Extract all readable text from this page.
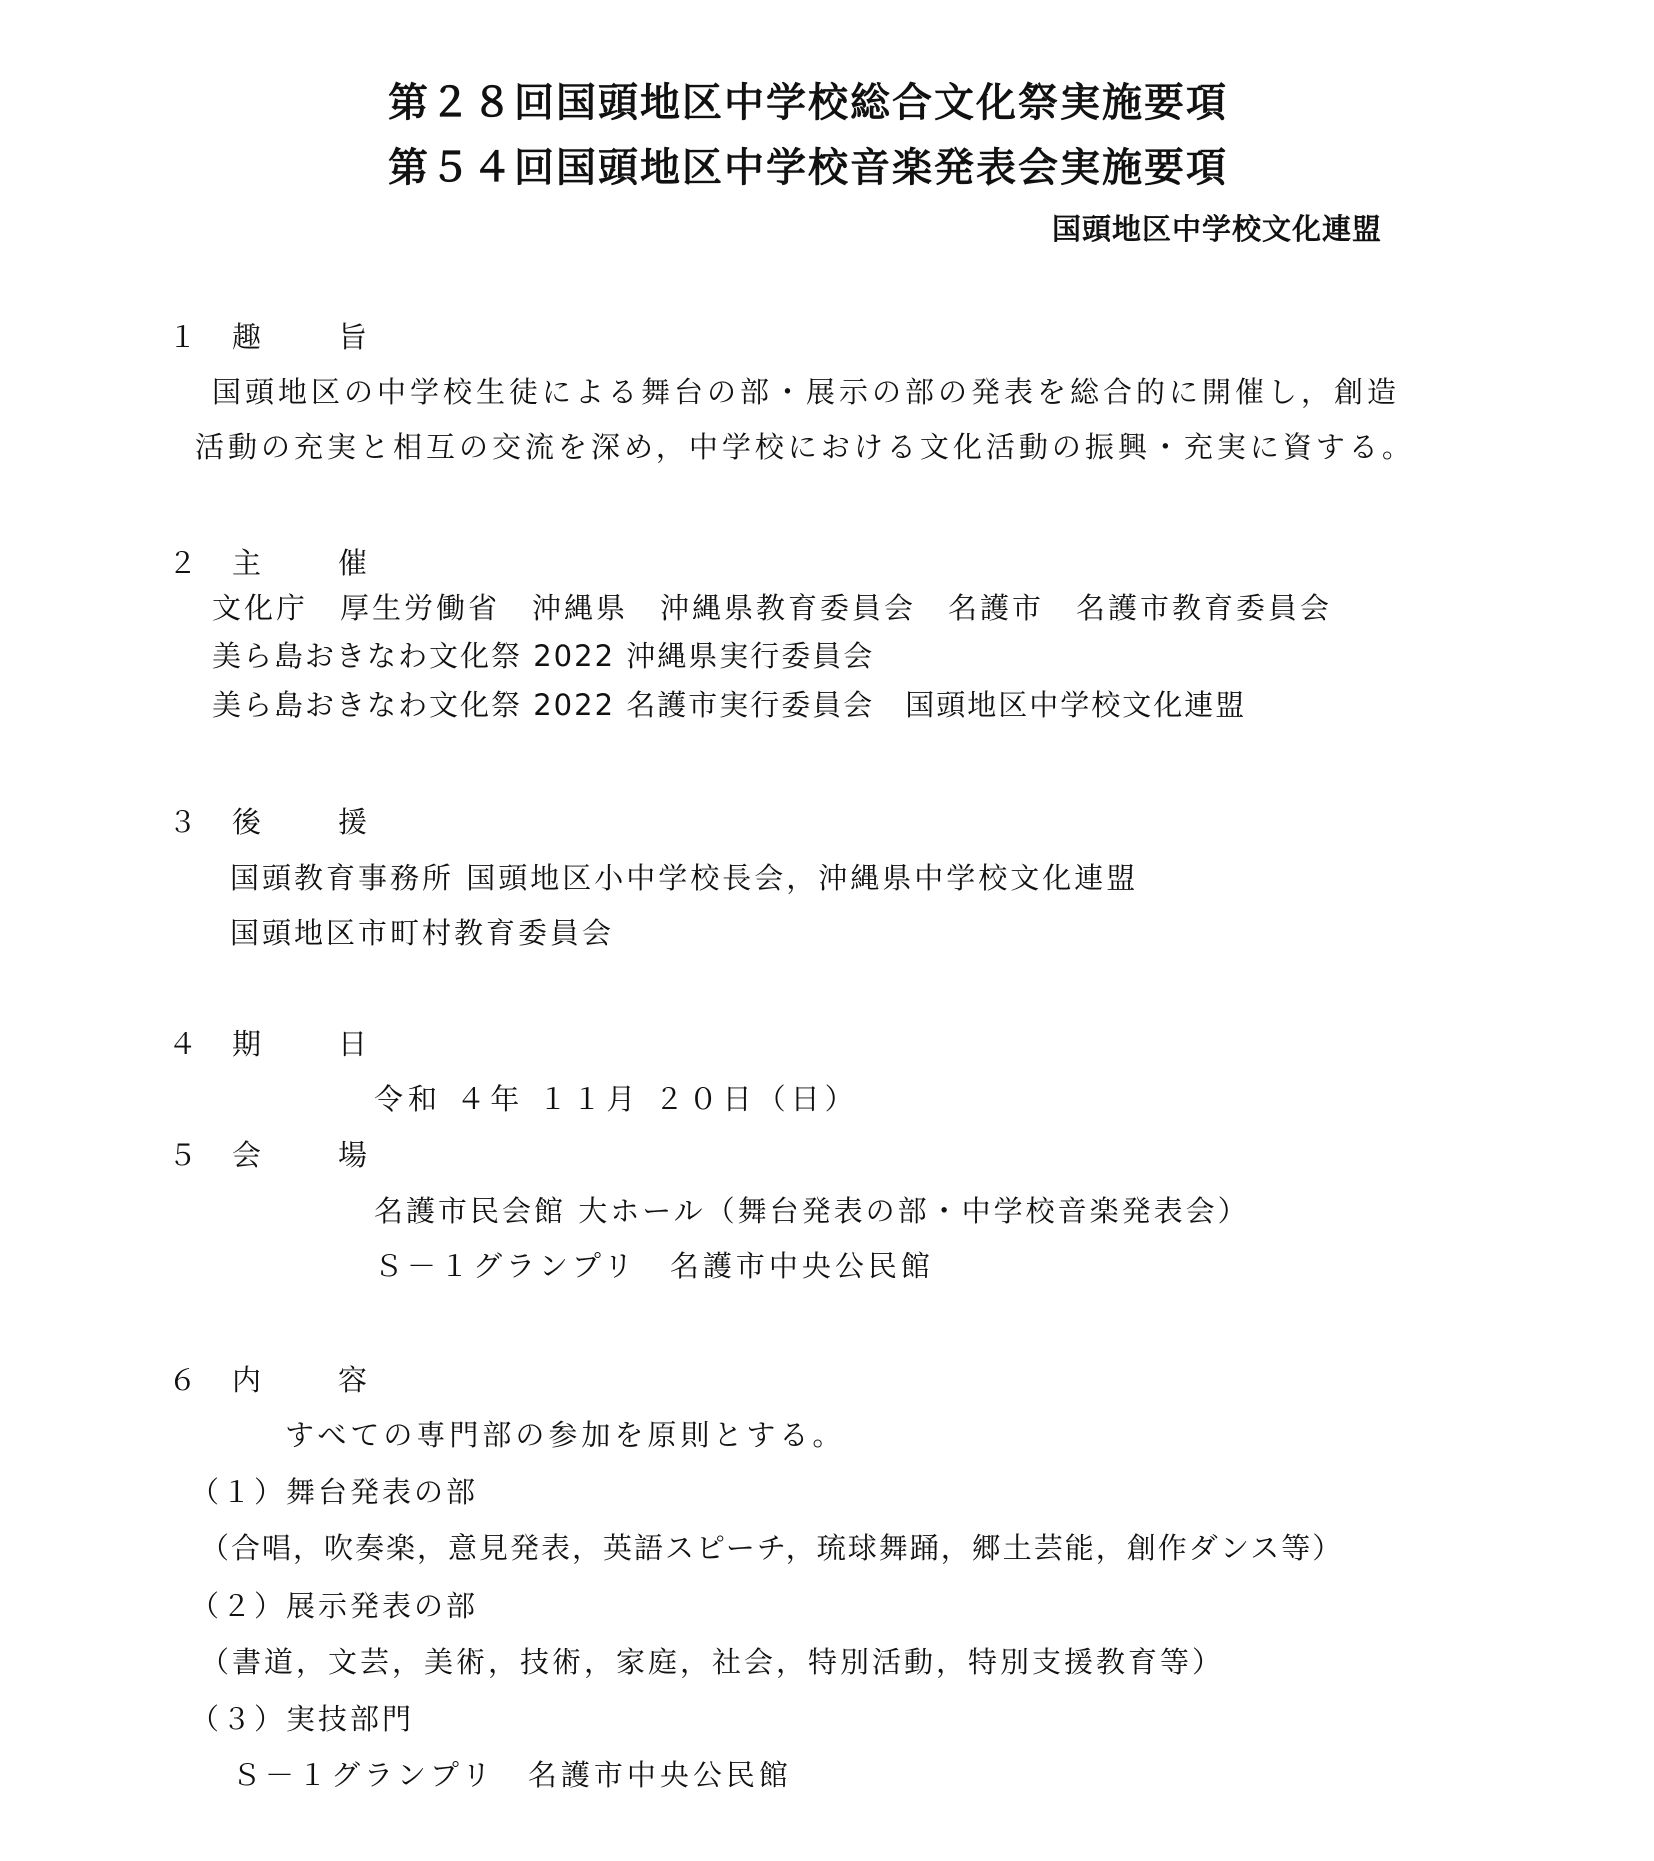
第２８回国頭地区中学校総合文化祭実施要項
第５４回国頭地区中学校音楽発表会実施要項
国頭地区中学校文化連盟
１ 趣　旨
国頭地区の中学校生徒による舞台の部・展示の部の発表を総合的に開催し，創造
活動の充実と相互の交流を深め，中学校における文化活動の振興・充実に資する。
２ 主　催
文化庁　厚生労働省　沖縄県　沖縄県教育委員会　名護市　名護市教育委員会
美ら島おきなわ文化祭 2022 沖縄県実行委員会
美ら島おきなわ文化祭 2022 名護市実行委員会　国頭地区中学校文化連盟
３ 後　援
国頭教育事務所 国頭地区小中学校長会，沖縄県中学校文化連盟
国頭地区市町村教育委員会
４ 期　日
令和 ４年 １１月 ２０日（日）
５ 会　場
名護市民会館 大ホール（舞台発表の部・中学校音楽発表会）
Ｓ－１グランプリ　名護市中央公民館
６ 内　容
すべての専門部の参加を原則とする。
（１）舞台発表の部
（合唱，吹奏楽，意見発表，英語スピーチ，琉球舞踊，郷土芸能，創作ダンス等）
（２）展示発表の部
（書道，文芸，美術，技術，家庭，社会，特別活動，特別支援教育等）
（３）実技部門
Ｓ－１グランプリ　名護市中央公民館
